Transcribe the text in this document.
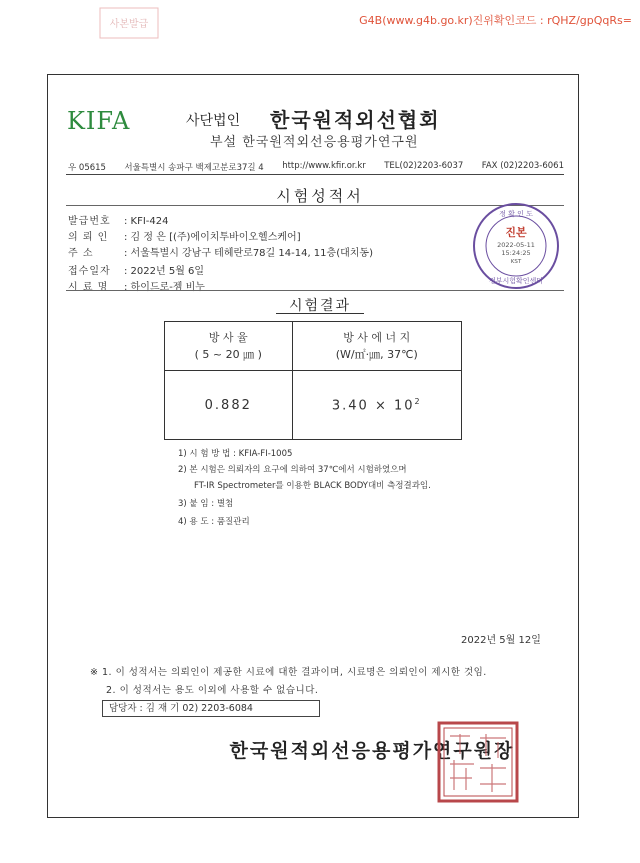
사본발급	G4B(www.g4b.go.kr)진위확인코드 : rQHZ/gpQqRs=
KIFA	사단법인 한국원적외선협회
부설 한국원적외선응용평가연구원
우 05615 서울특별시 송파구 백제고분로37길 4 http://www.kfir.or.kr TEL(02)2203-6037 FAX (02)2203-6061
시험성적서
발급번호 : KFI-424
의 뢰 인 : 김 정 은 [(주)에이치투바이오헬스케어]
주 소	: 서울특별시 강남구 테헤란로78길 14-14, 11층(대치동)
접수일자 : 2022년 5월 6일
시 료 명 : 하이드로-젬 비누
정 확 인 도
진본
2022-05-11
15:24:25
KST
정부시험확인센터
시험결과
방 사 율
( 5 ~ 20 ㎛ )	방 사 에 너 지
(W/㎡·㎛, 37℃)
0.882	$3.40 \times 10^2$
1) 시 험 방 법 : KFIA-FI-1005
2) 본 시험은 의뢰자의 요구에 의하여 37℃에서 시험하였으며
FT-IR Spectrometer를 이용한 BLACK BODY대비 측정결과임.
3) 붙 임 : 별첨
4) 용 도 : 품질관리
2022년 5월 12일
※ 1. 이 성적서는 의뢰인이 제공한 시료에 대한 결과이며, 시료명은 의뢰인이 제시한 것임.
2. 이 성적서는 용도 이외에 사용할 수 없습니다.
담당자 : 김 재 기 02) 2203-6084
한국원적외선응용평가연구원장
